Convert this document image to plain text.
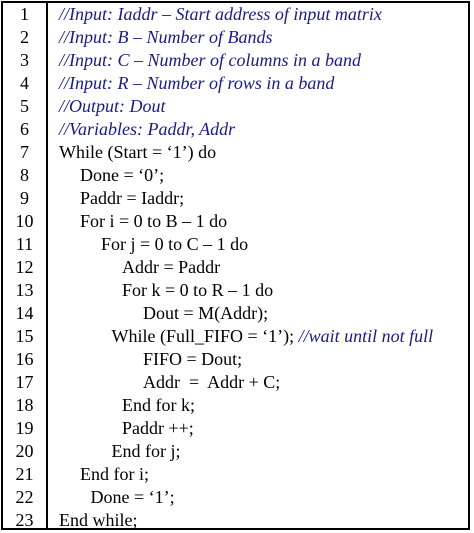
1	//Input: Iaddr – Start address of input matrix
2	//Input: B – Number of Bands
3	//Input: C – Number of columns in a band
4	//Input: R – Number of rows in a band
5	//Output: Dout
6	//Variables: Paddr, Addr
7	While (Start = ‘1’) do
8	Done = ‘0’;
9	Paddr = Iaddr;
10	For i = 0 to B – 1 do
11	For j = 0 to C – 1 do
12	Addr = Paddr
13	For k = 0 to R – 1 do
14	Dout = M(Addr);
15	While (Full_FIFO = ‘1’); //wait until not full
16	FIFO = Dout;
17	Addr  =  Addr + C;
18	End for k;
19	Paddr ++;
20	End for j;
21	End for i;
22	Done = ‘1’;
23	End while;
